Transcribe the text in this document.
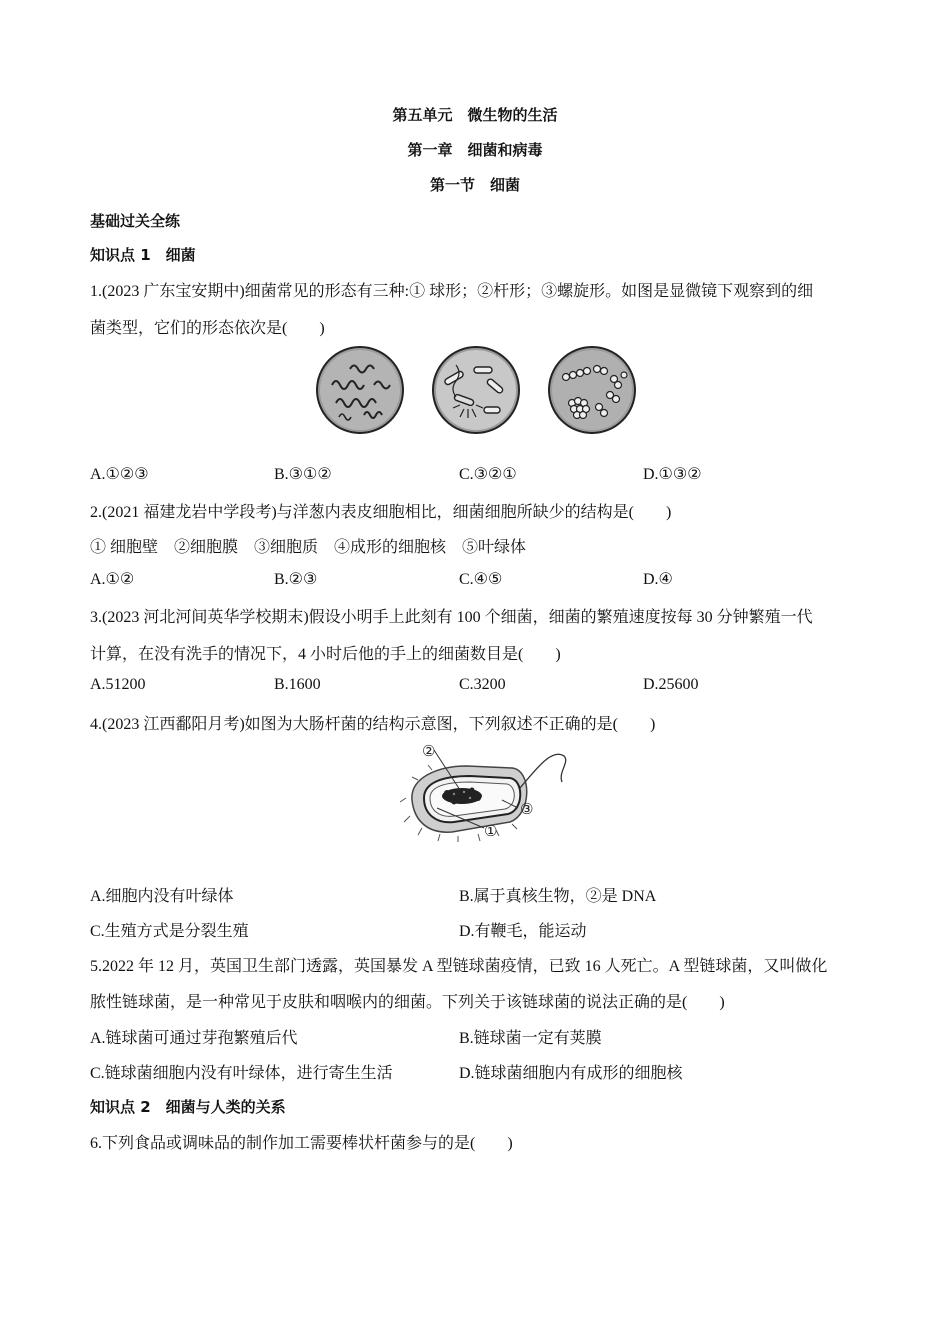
第五单元　微生物的生活
第一章　细菌和病毒
第一节　细菌
基础过关全练
知识点 1　细菌
1.(2023 广东宝安期中)细菌常见的形态有三种:① 球形；②杆形；③螺旋形。如图是显微镜下观察到的细
菌类型，它们的形态依次是(　　)
A.①②③	B.③①②	C.③②①	D.①③②
2.(2021 福建龙岩中学段考)与洋葱内表皮细胞相比，细菌细胞所缺少的结构是(　　)
① 细胞壁　②细胞膜　③细胞质　④成形的细胞核　⑤叶绿体
A.①②	B.②③	C.④⑤	D.④
3.(2023 河北河间英华学校期末)假设小明手上此刻有 100 个细菌，细菌的繁殖速度按每 30 分钟繁殖一代
计算，在没有洗手的情况下，4 小时后他的手上的细菌数目是(　　)
A.51200	B.1600	C.3200	D.25600
4.(2023 江西鄱阳月考)如图为大肠杆菌的结构示意图，下列叙述不正确的是(　　)
②
③
①
A.细胞内没有叶绿体	B.属于真核生物，②是 DNA
C.生殖方式是分裂生殖	D.有鞭毛，能运动
5.2022 年 12 月，英国卫生部门透露，英国暴发 A 型链球菌疫情，已致 16 人死亡。A 型链球菌，又叫做化
脓性链球菌，是一种常见于皮肤和咽喉内的细菌。下列关于该链球菌的说法正确的是(　　)
A.链球菌可通过芽孢繁殖后代	B.链球菌一定有荚膜
C.链球菌细胞内没有叶绿体，进行寄生生活	D.链球菌细胞内有成形的细胞核
知识点 2　细菌与人类的关系
6.下列食品或调味品的制作加工需要棒状杆菌参与的是(　　)
